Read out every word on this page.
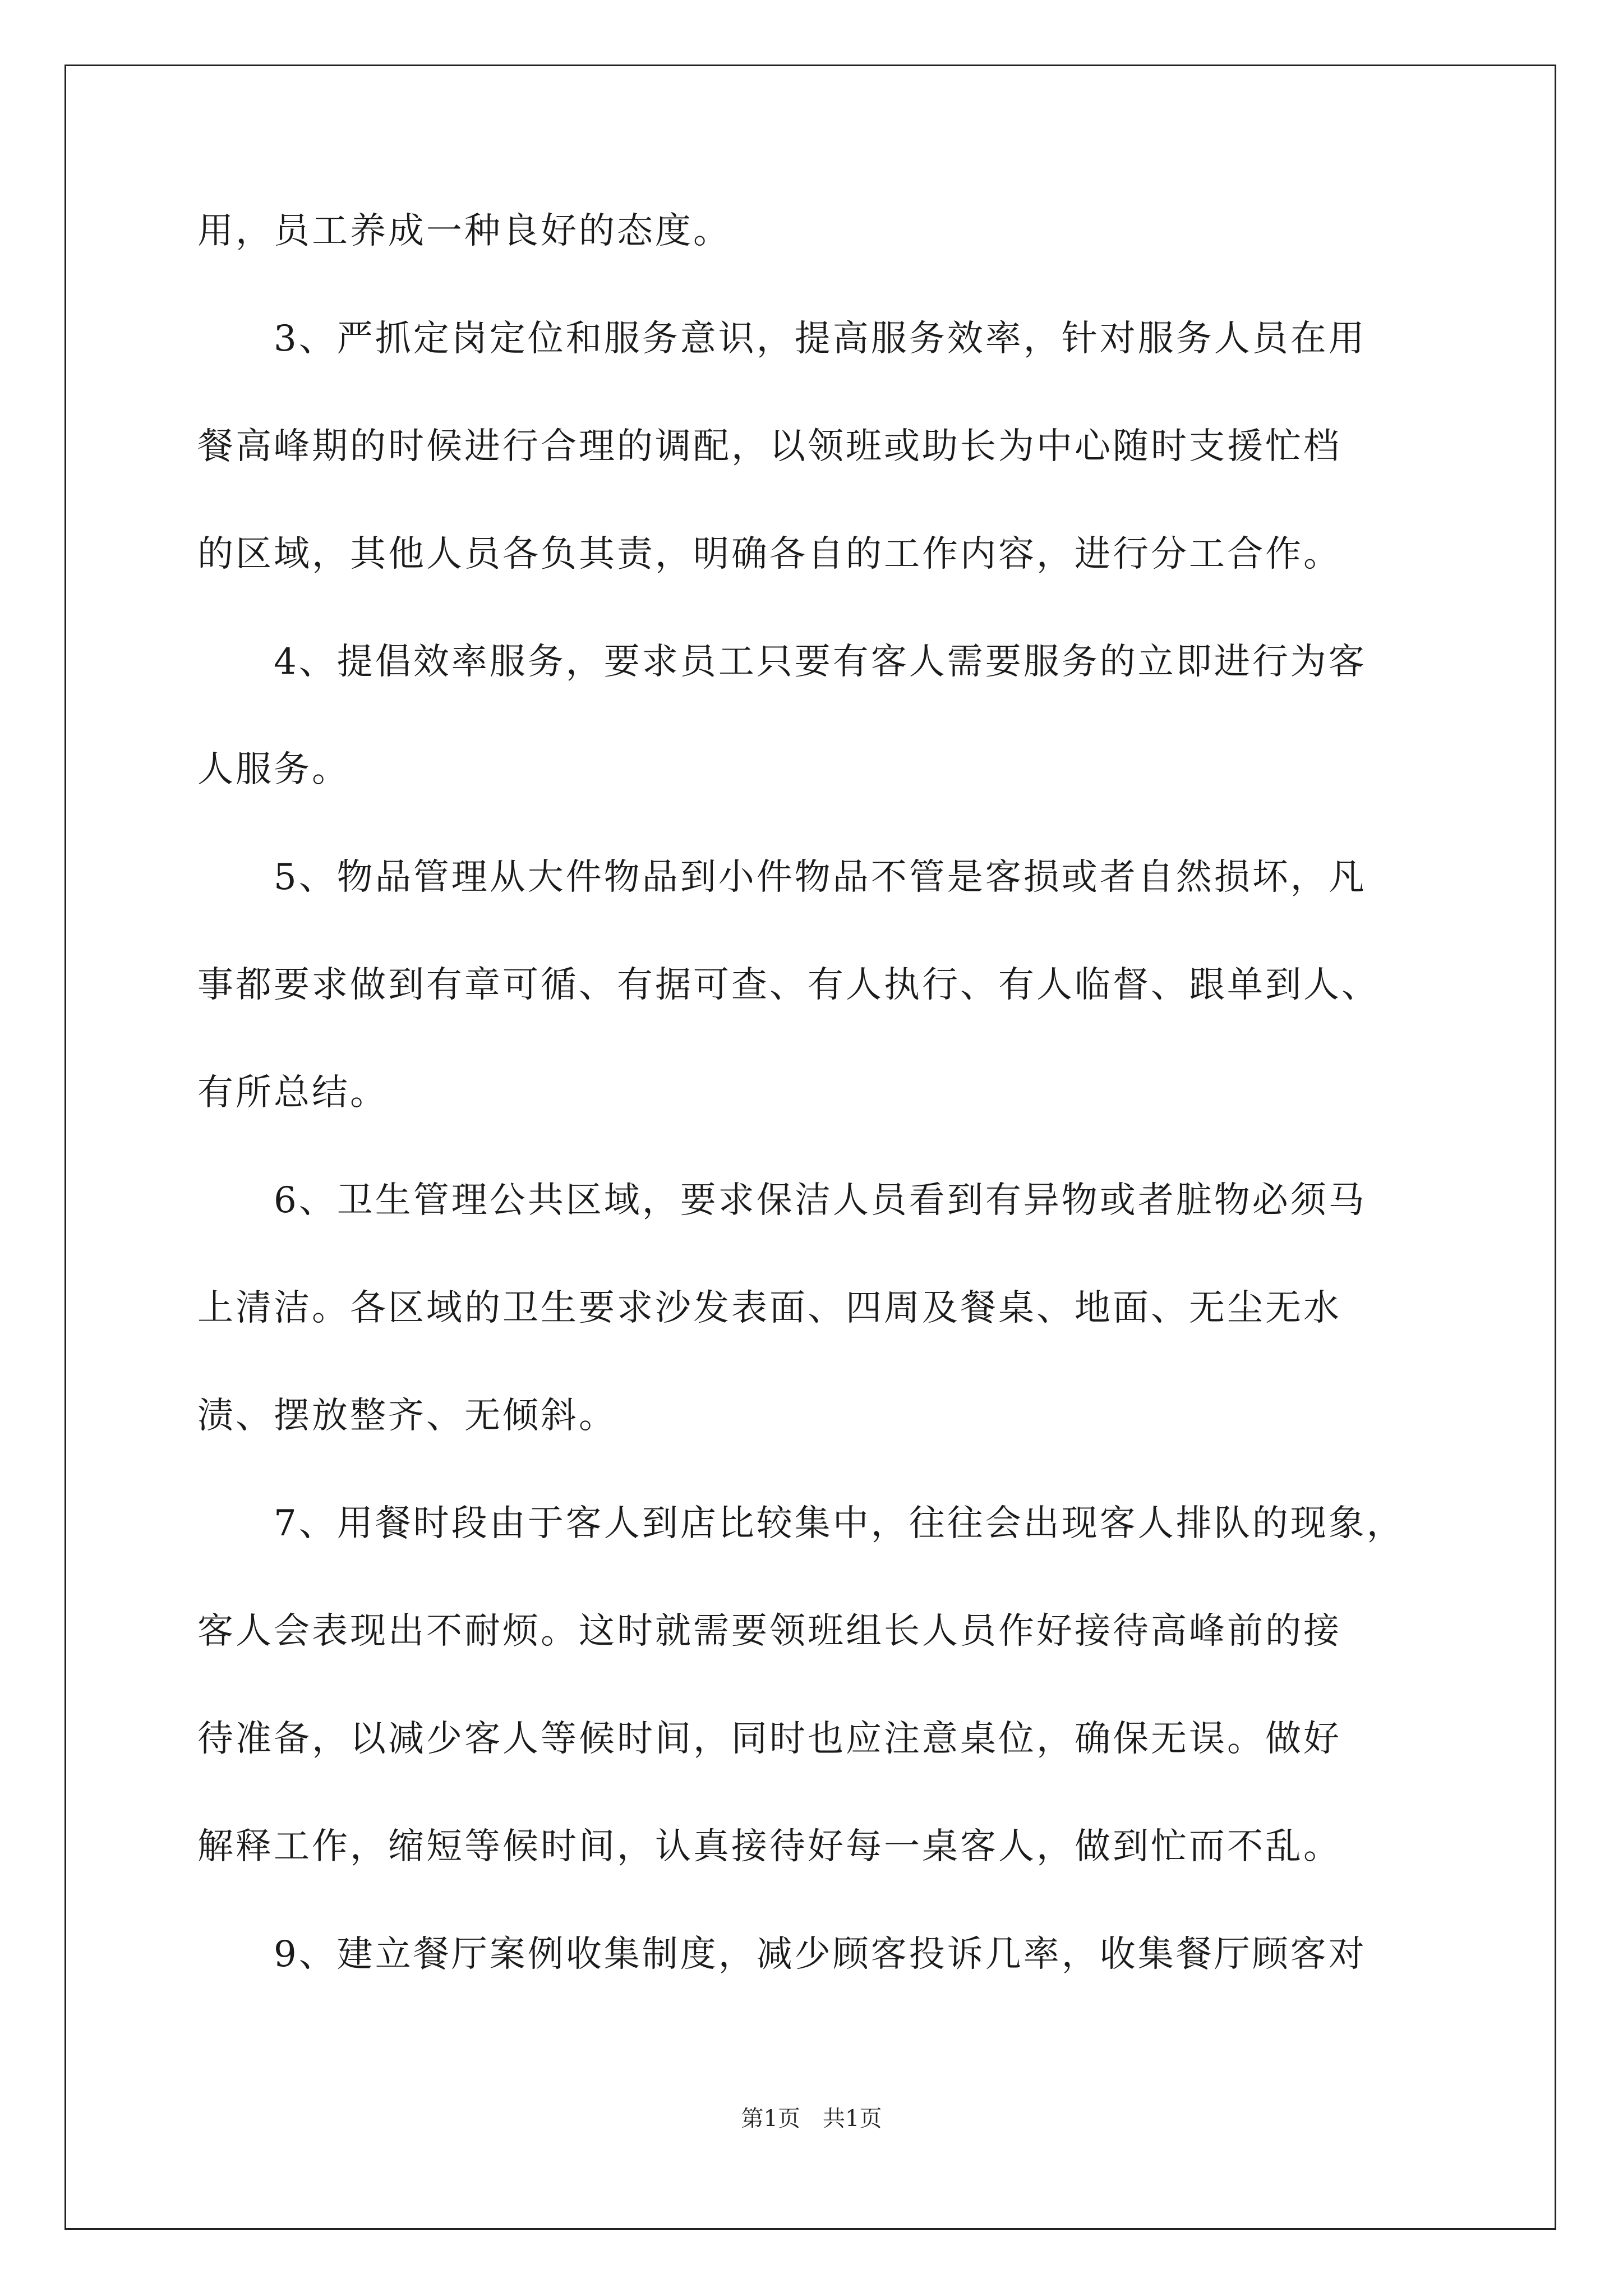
用，员工养成一种良好的态度。
　　3、严抓定岗定位和服务意识，提高服务效率，针对服务人员在用
餐高峰期的时候进行合理的调配，以领班或助长为中心随时支援忙档
的区域，其他人员各负其责，明确各自的工作内容，进行分工合作。
　　4、提倡效率服务，要求员工只要有客人需要服务的立即进行为客
人服务。
　　5、物品管理从大件物品到小件物品不管是客损或者自然损坏，凡
事都要求做到有章可循、有据可查、有人执行、有人临督、跟单到人、
有所总结。
　　6、卫生管理公共区域，要求保洁人员看到有异物或者脏物必须马
上清洁。各区域的卫生要求沙发表面、四周及餐桌、地面、无尘无水
渍、摆放整齐、无倾斜。
　　7、用餐时段由于客人到店比较集中，往往会出现客人排队的现象，
客人会表现出不耐烦。这时就需要领班组长人员作好接待高峰前的接
待准备，以减少客人等候时间，同时也应注意桌位，确保无误。做好
解释工作，缩短等候时间，认真接待好每一桌客人，做到忙而不乱。
　　9、建立餐厅案例收集制度，减少顾客投诉几率，收集餐厅顾客对
第1页　共1页
